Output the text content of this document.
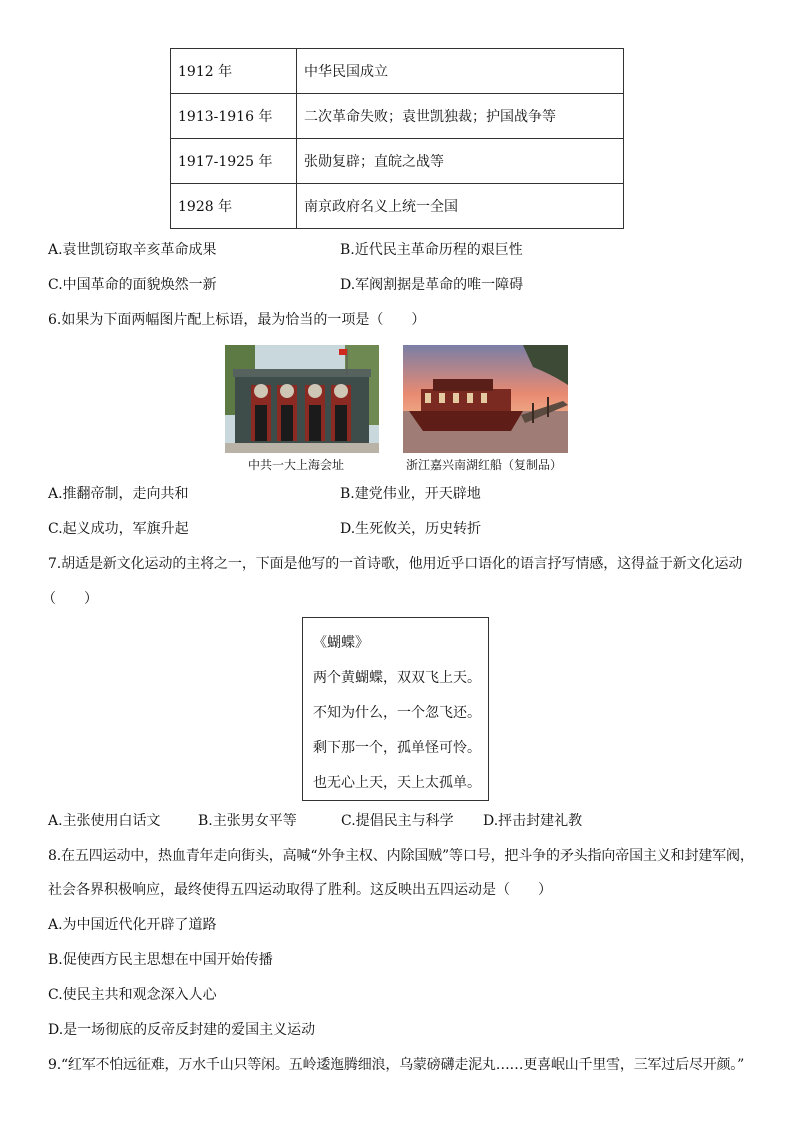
1912 年	中华民国成立
1913-1916 年	二次革命失败；袁世凯独裁；护国战争等
1917-1925 年	张勋复辟；直皖之战等
1928 年	南京政府名义上统一全国
A.袁世凯窃取辛亥革命成果	B.近代民主革命历程的艰巨性
C.中国革命的面貌焕然一新	D.军阀割据是革命的唯一障碍
6.如果为下面两幅图片配上标语，最为恰当的一项是（　　）
中共一大上海会址	浙江嘉兴南湖红船（复制品）
A.推翻帝制，走向共和	B.建党伟业，开天辟地
C.起义成功，军旗升起	D.生死攸关，历史转折
7.胡适是新文化运动的主将之一，下面是他写的一首诗歌，他用近乎口语化的语言抒写情感，这得益于新文化运动
（　　）
《蝴蝶》
两个黄蝴蝶，双双飞上天。
不知为什么，一个忽飞还。
剩下那一个，孤单怪可怜。
也无心上天，天上太孤单。
A.主张使用白话文	B.主张男女平等	C.提倡民主与科学 D.抨击封建礼教
8.在五四运动中，热血青年走向街头，高喊“外争主权、内除国贼”等口号，把斗争的矛头指向帝国主义和封建军阀，
社会各界积极响应，最终使得五四运动取得了胜利。这反映出五四运动是（　　）
A.为中国近代化开辟了道路
B.促使西方民主思想在中国开始传播
C.使民主共和观念深入人心
D.是一场彻底的反帝反封建的爱国主义运动
9.“红军不怕远征难，万水千山只等闲。五岭逶迤腾细浪，乌蒙磅礴走泥丸……更喜岷山千里雪，三军过后尽开颜。”
